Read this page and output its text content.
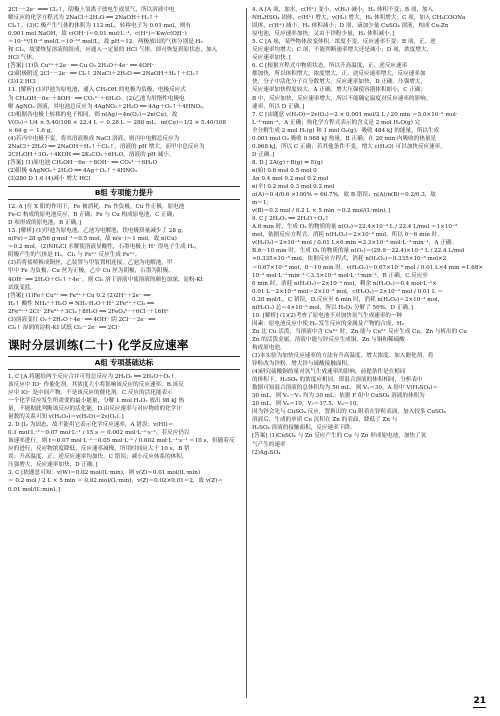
2Cl⁻－2e⁻ ═══ Cl₂↑，阴极上氢离子放电生成氢气，所以溶液中电
解反应的化学方程式为 2NaCl＋2H₂O ══ 2NaOH＋H₂↑＋
Cl₂↑。(3)C 极产生气体的体积为 112 mL，转移电子为 0.01 mol，则有
0.001 mol NaOH，故 c(OH⁻)＝0.01 mol·L⁻¹，c(H⁺)＝Kw/c(OH⁻)
＝10⁻¹⁴/10⁻² mol/L＝10⁻¹² mol/L，故 pH＝12。两极放出的气体分别是 H₂
和 Cl₂，故要恢复溶液的组成，应通入一定量的 HCl 气体，即可恢复到原状态，加入
HCl 气体。
[答案] (1)负 Cu²⁺＋2e⁻ ══ Cu O₂ 2H₂O＋4e⁻ ══ 4OH⁻
(2)阴极附近 2Cl⁻－2e⁻ ══ Cl₂↑ 2NaCl＋2H₂O ══ 2NaOH＋H₂↑＋Cl₂↑
(3)12 HCl
11. [解析] (1)甲池为原电池，通入 CH₃OH 的电极为负极，电极反应式
为 CH₃OH－6e⁻＋8OH⁻ ══ CO₃²⁻＋6H₂O。(2)乙池为用惰性电极电
解 AgNO₃ 溶液，其电池总反应为 4AgNO₃＋2H₂O ══ 4Ag＋O₂↑＋4HNO₃。
(3)根据各电极上转移的电子相同，则 n(Ag)＝4n(O₂)＝2n(Cu)，故
V(O₂)＝1/4 × 5.40/108 × 22.4 L ＝ 0.28 L ＝ 280 mL，m(Cu)＝1/2 × 5.40/108
× 64 g ＝ 1.6 g。
(4)若丙中电极不变，将其溶液换成 NaCl 溶液，则丙中电解总反应为
2NaCl＋2H₂O ══ 2NaOH＋H₂↑＋Cl₂↑，溶液的 pH 增大，而甲中总反应为
2CH₃OH＋3O₂＋4KOH ══ 2K₂CO₃＋6H₂O，溶液的 pH 减小。
[答案] (1)原电池 CH₃OH－6e⁻＋8OH⁻ ══ CO₃²⁻＋6H₂O
(2)阳极 4AgNO₃＋2H₂O ══ 4Ag＋O₂↑＋4HNO₃
(3)280 D 1.6 (4)减小 增大 HCl
B组 专项能力提升
12. A [在 X 阳的作用下，Fe 被消耗，Fe 作负极，Cu 作正极，原电池
Fe-C 构成的原电池反应，B 正确；Fe 与 Cu 构成原电池，C 正确；
D 项形成的原电池，B 正确。]
13. [解析] (1)甲池为原电池，乙池为电解池，铁电极质量减少了 28 g，
n(Fe)＝28 g/56 g·mol⁻¹＝0.5 mol，故 n(e⁻)＝1 mol，故 n(Cu)
＝0.2 mol。(2)NH₄Cl 水解使溶液显酸性，石墨电极上 H⁺ 得电子生成 H₂，
阴极产生的气体是 H₂，Cl₂ 与 Fe²⁺ 反应生成 Fe³⁺。
(3)若将盐桥换成铜丝，乙装置与甲装置相连接，乙池为电解池，甲
甲中 Fe 为负极，Cu 丝为正极，乙中 Cu 丝为阴极，石墨为阳极，
4OH⁻ ══ 2H₂O＋O₂↑＋4e⁻，则 Cl₂ 溶于溶液中使溶液的颜色加深，淀粉-KI
试纸变蓝。
[答案] (1)Fe＋Cu²⁺ ══ Fe²⁺＋Cu 0.2 (2)2H⁺＋2e⁻ ══
H₂↑ 酸性 NH₄⁺＋H₂O ⇌ NH₃·H₂O＋H⁺ 2Fe²⁺＋Cl₂ ══
2Fe³⁺＋2Cl⁻ 2Fe³⁺＋3Cl₂＋8H₂O ══ 2FeO₄²⁻＋6Cl⁻＋16H⁺
(3)溶液变红 O₂＋2H₂O＋4e⁻ ══ 4OH⁻ 阴 2Cl⁻－2e⁻ ══
Cl₂↑ 湿润的淀粉-KI 试纸 Cl₂－2e⁻ ══ 2Cl⁻
课时分层训练(二十) 化学反应速率
A组 专项基础达标
1. C [A.将题给两个反应合并可得总反应为 2H₂O₂ ══ 2H₂O＋O₂↑，
该反应中 IO⁻ 作催化剂，其浓度大小将影响该反应的反应速率。B.该反
应中 IO⁻ 是中间产物，不是该反应的催化剂。C.反应的活化能表示
一个化学反应发生所需要的最小能量，分解 1 mol H₂O₂ 放出 98 kJ 热
量，不能据此判断该反应的活化能。D.由反应速率与对应物质的化学计
量数的关系可知 v(H₂O₂)＝v(H₂O)＝2v(O₂)。]
2. D [I₂ 为固态，故不能用它表示化学反应速率，A 错误；v(HI)＝
0.1 mol·L⁻¹－0.07 mol·L⁻¹ / 15 s ＝ 0.002 mol·L⁻¹·s⁻¹，若反应仍以
该速率进行，则 t＝0.07 mol·L⁻¹－0.05 mol·L⁻¹ / 0.002 mol·L⁻¹·s⁻¹ ＝10 s，但随着反
应的进行，反应物浓度降低，反应速率减慢，所用时间应大于 10 s，B 错
误；升高温度，正、逆反应速率均加快，C 错误；减小反应体系的体积，
压强增大，反应速率加快，D 正确。]
3. C [依题意可知：v(W)＝0.02 mol/(L·min)，则 v(Z)＝0.01 mol/(L·min)
＝ 0.2 mol / 2 L × 5 min ＝ 0.02 mol/(L·min)，v(Z)＝0.02×0.01＝2，故 v(Z)＝
0.01 mol/(L·min)。]
4. A [A 项，加水，c(H⁺) 变小，v(H₂) 减小，H₂ 体积不变；B 项，加入
NH₄HSO₄ 固体，c(H⁺) 增大，v(H₂) 增大，H₂ 体积增大；C 项，加入 CH₃COONa
固体，c(H⁺) 减小，H₂ 体积减小；D 项，滴加少量 CuSO₄ 溶液，构成 Cu-Zn
原电池，反应速率加快，又由于锌粉少量，H₂ 体积减小。]
5. C [A 项，某些物体改变体积，浓度不变，反应速率不变；B 项，正、逆
反应速率均增大；C 项，不能判断速率增大还是减小；D 项，浓度增大，
反应速率加快。]
6. C [根据方程式中物质状态，所以升高温度，正、逆反应速率
都加快，所以体积增大，浓度增大，正、逆反应速率增大，反应速率加
快，分子中活化分子百分数增大，反应速率加快，D 正确。压强增大，
反应速率加快程度较大，A 正确，增大压强使容器体积缩小，C 正确；
B 中，反应加快，反应速率增大，所以不能确定温度对反应速率的影响。
速率，所以 D 正确。]
7. C [由题意 v(H₂O)＝2v(O₂)＝2 × 0.001 mol/2 L / 20 min ＝5.0×10⁻⁵ mol·
L⁻¹·min⁻¹，A 正确；热化学方程式表示的含义是 2 mol H₂O(g) 完
全分解生成 2 mol H₂(g) 和 1 mol O₂(g)，吸收 484 kJ 的能量，所以生成
0.001 mol O₂ 吸收 0.968 kJ 热量，B 正确；在 20 min 内吸收的热量是
0.968 kJ，所以 C 正确；若其他条件不变，增大 c(H₂O) 可以加快反应速率，
D 正确。]
8. D [ 2A(g)＋B(g) ⇌ E(g)
n(始) 0.6 mol 0.5 mol 0
Δn 0.4 mol 0.2 mol 0.2 mol
n(平) 0.2 mol 0.3 mol 0.2 mol
α(A)＝0.4/0.6 ×100% ≈ 66.7%，故 B 错误；n(A)/n(B)＝0.2/0.3，故
m＝1；
v(B)＝0.2 mol / 0.2 L × 5 min ＝0.2 mol/(L·min)。]
9. C [ 2H₂O₂ ══ 2H₂O＋O₂↑
A.6 min 时，生成 O₂ 的物质的量 n(O₂)＝22.4×10⁻³ L / 22.4 L/mol ＝1×10⁻³
mol，依据反应方程式，消耗 n(H₂O₂)＝2×10⁻³ mol，所以 0～6 min 时，
v(H₂O₂)＝2×10⁻³ mol / 0.01 L×6 min ≈3.3×10⁻² mol·L⁻¹·min⁻¹，A 正确。
B.6～10 min 时，生成 O₂ 的物质的量 n(O₂)＝(29.9－22.4)×10⁻³ L / 22.4 L/mol
≈0.335×10⁻³ mol，依据反应方程式，消耗 n(H₂O₂)＝0.335×10⁻³ mol×2
＝0.67×10⁻³ mol，6～10 min 时，v(H₂O₂)＝0.67×10⁻³ mol / 0.01 L×4 min ≈1.68×
10⁻² mol·L⁻¹·min⁻¹＜3.3×10⁻² mol·L⁻¹·min⁻¹，B 正确。C.反应至
6 min 时，消耗 n(H₂O₂)＝2×10⁻³ mol，剩余 n(H₂O₂)＝0.4 mol·L⁻¹×
0.01 L－2×10⁻³ mol＝2×10⁻³ mol，c(H₂O₂)＝2×10⁻³ mol / 0.01 L ＝
0.20 mol/L，C 错误。D.反应至 6 min 时，消耗 n(H₂O₂)＝2×10⁻³ mol，
n(H₂O₂) 总＝4×10⁻³ mol，所以 H₂O₂ 分解了 50%，D 正确。]
10. [解析] (1)(2)考查了原电池不对加快氢气生成速率的一种
因素：原电池反应中使 H₂ 发生反应的金属及产物的合成、H₂
Zn 比 Cu 活泼，当溶液中含 Cu²⁺ 时，Zn 能与 Cu²⁺ 反应生成 Cu，Zn 与析出的 Cu
Zn 的活泼金属，溶液中能与锌反应生成铜，Zn 与铜和稀硫酸
构成原电池。
(3)本实验为加快反应速率的方法有升高温度、增大浓度、加入催化剂，将
锌粒改为锌粉，增大锌与硫酸接触面积。
(4)研究硫酸铜的量对氢气生成速率的影响，前提条件是在相同
的体积下，H₂SO₄ 的浓度应相同，即混合溶液的体积相同，分析表中
数据可知混合溶液的总体积均为 50 mL，则 V₁＝30，A 组中 V(H₂SO₄)＝
30 mL，则 V₁～V₅ 均为 30 mL；依据 F 组中 CuSO₄ 溶液的体积为
20 mL，则 V₆＝10，V₇＝17.5，V₉＝10。
因为锌会先与 CuSO₄ 反应，置换出的 Cu 附着在锌粒表面，加入较多 CuSO₄
溶液后，生成的单质 Cu 沉积在 Zn 的表面，降低了 Zn 与
H₂SO₄ 溶液的接触面积，反应速率下降。
[答案] (1)CuSO₄ 与 Zn 反应产生的 Cu 与 Zn 形成原电池，加快了氢
气产生的速率
(2)Ag₂SO₄
21
